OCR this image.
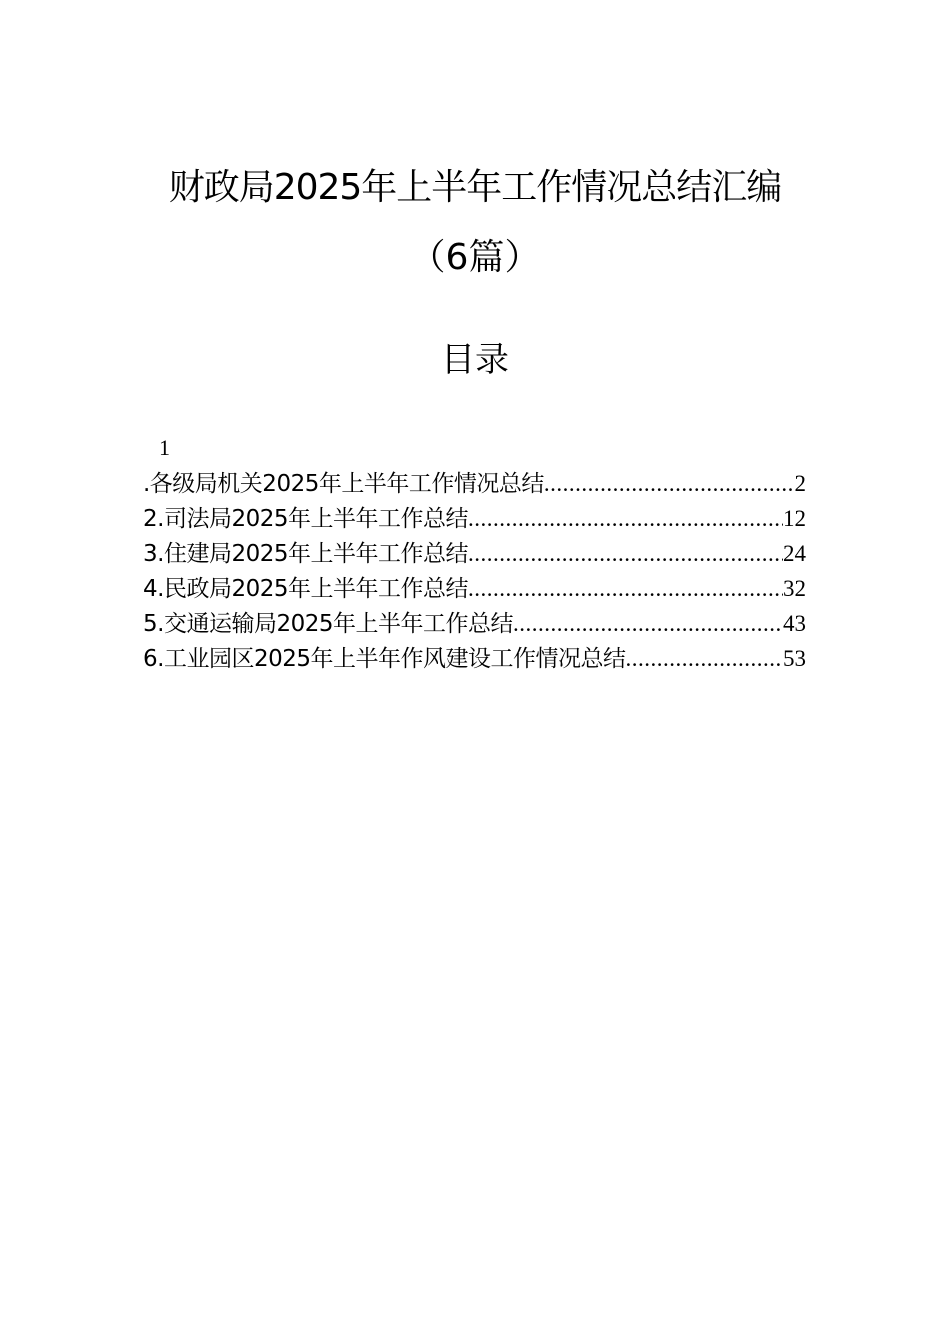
财政局2025年上半年工作情况总结汇编
（6篇）
目录
1
.各级局机关2025年上半年工作情况总结 .....	2
2.司法局2025年上半年工作总结 .....	12
3.住建局2025年上半年工作总结 .....	24
4.民政局2025年上半年工作总结 .....	32
5.交通运输局2025年上半年工作总结 .....	43
6.工业园区2025年上半年作风建设工作情况总结 .....	53
